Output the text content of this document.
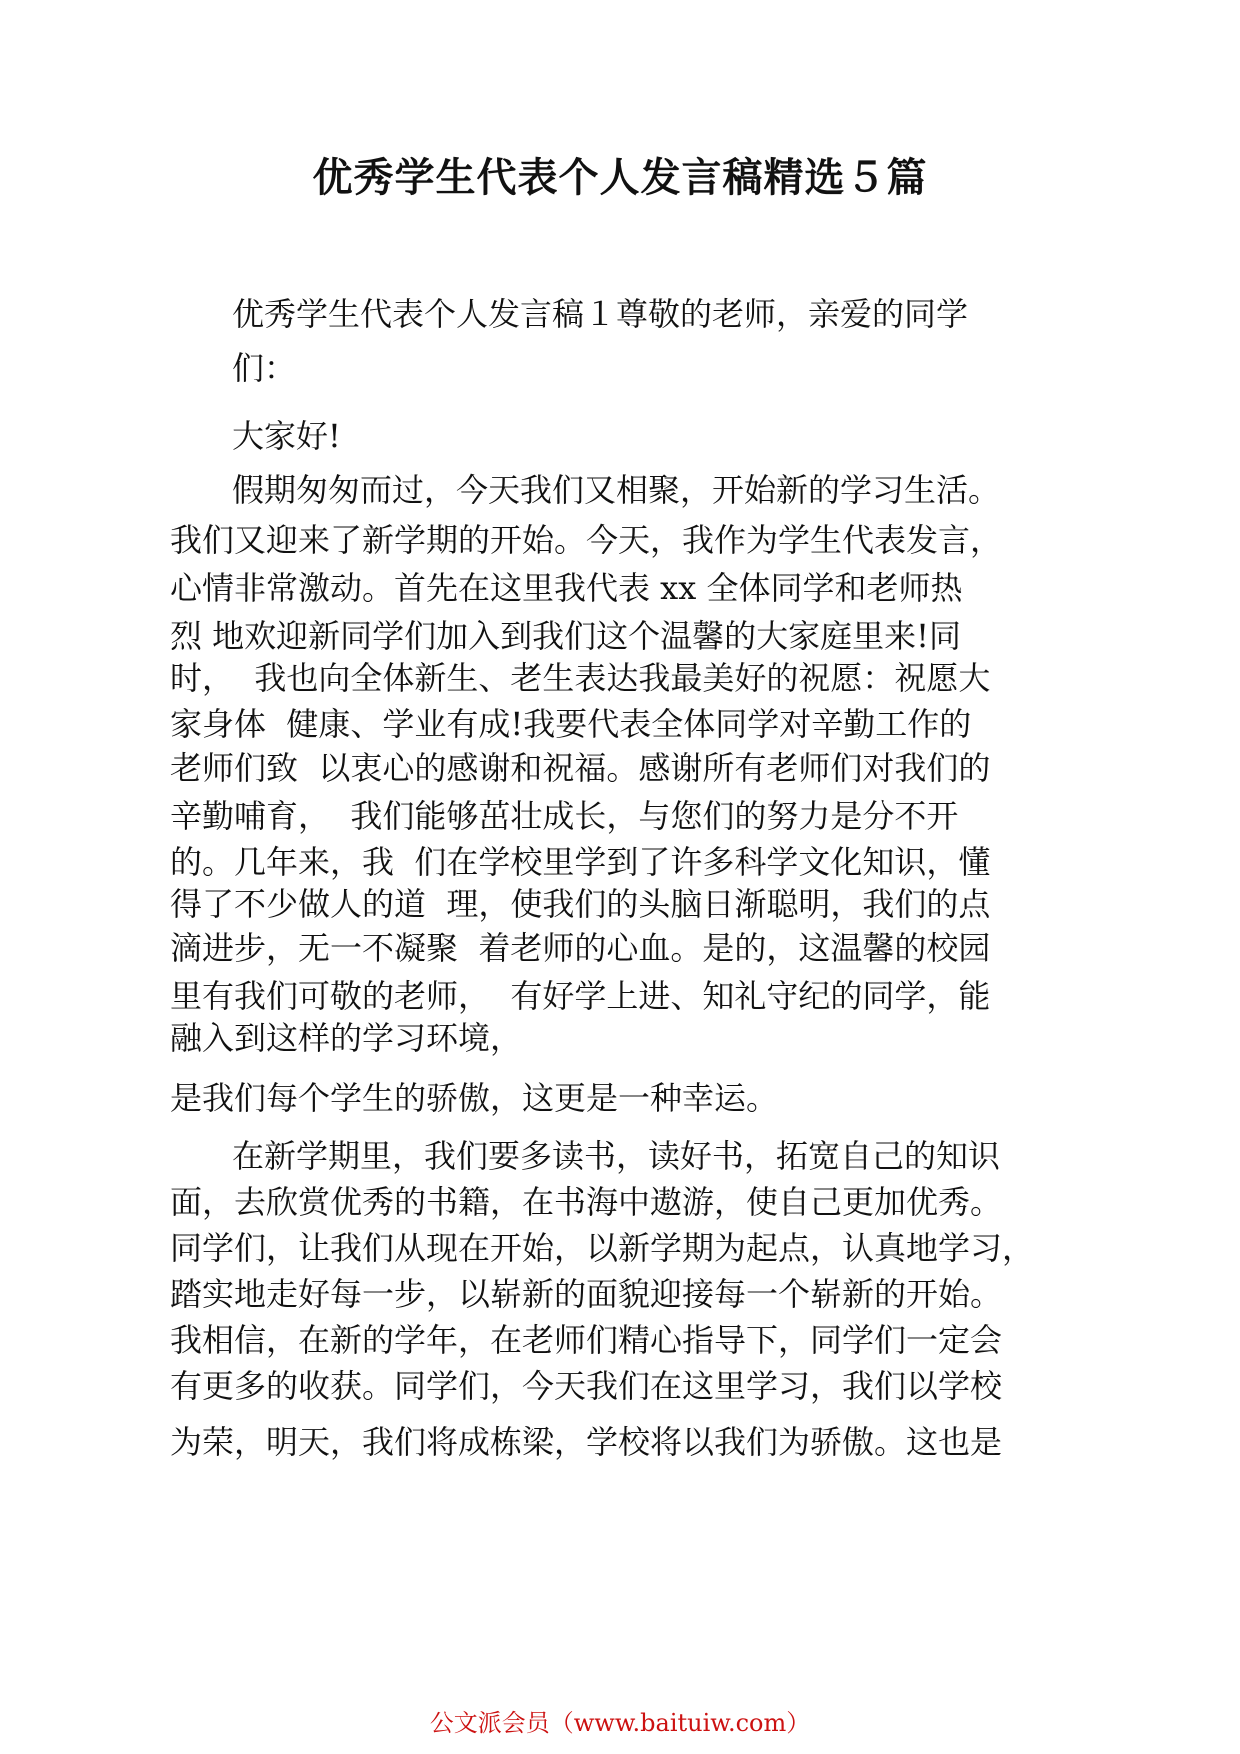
优秀学生代表个人发言稿精选５篇
优秀学生代表个人发言稿１尊敬的老师，亲爱的同学
们：
大家好!
假期匆匆而过，今天我们又相聚，开始新的学习生活。
我们又迎来了新学期的开始。今天，我作为学生代表发言，
心情非常激动。首先在这里我代表 xx 全体同学和老师热
烈 地欢迎新同学们加入到我们这个温馨的大家庭里来!同
时，  我也向全体新生、老生表达我最美好的祝愿：祝愿大
家身体  健康、学业有成!我要代表全体同学对辛勤工作的
老师们致  以衷心的感谢和祝福。感谢所有老师们对我们的
辛勤哺育，  我们能够茁壮成长，与您们的努力是分不开
的。几年来，我  们在学校里学到了许多科学文化知识，懂
得了不少做人的道  理，使我们的头脑日渐聪明，我们的点
滴进步，无一不凝聚  着老师的心血。是的，这温馨的校园
里有我们可敬的老师，  有好学上进、知礼守纪的同学，能
融入到这样的学习环境，
是我们每个学生的骄傲，这更是一种幸运。
在新学期里，我们要多读书，读好书，拓宽自己的知识
面，去欣赏优秀的书籍，在书海中遨游，使自己更加优秀。
同学们，让我们从现在开始，以新学期为起点，认真地学习，
踏实地走好每一步，以崭新的面貌迎接每一个崭新的开始。
我相信，在新的学年，在老师们精心指导下，同学们一定会
有更多的收获。同学们，今天我们在这里学习，我们以学校
为荣，明天，我们将成栋梁，学校将以我们为骄傲。这也是
公文派会员（www.baituiw.com）
